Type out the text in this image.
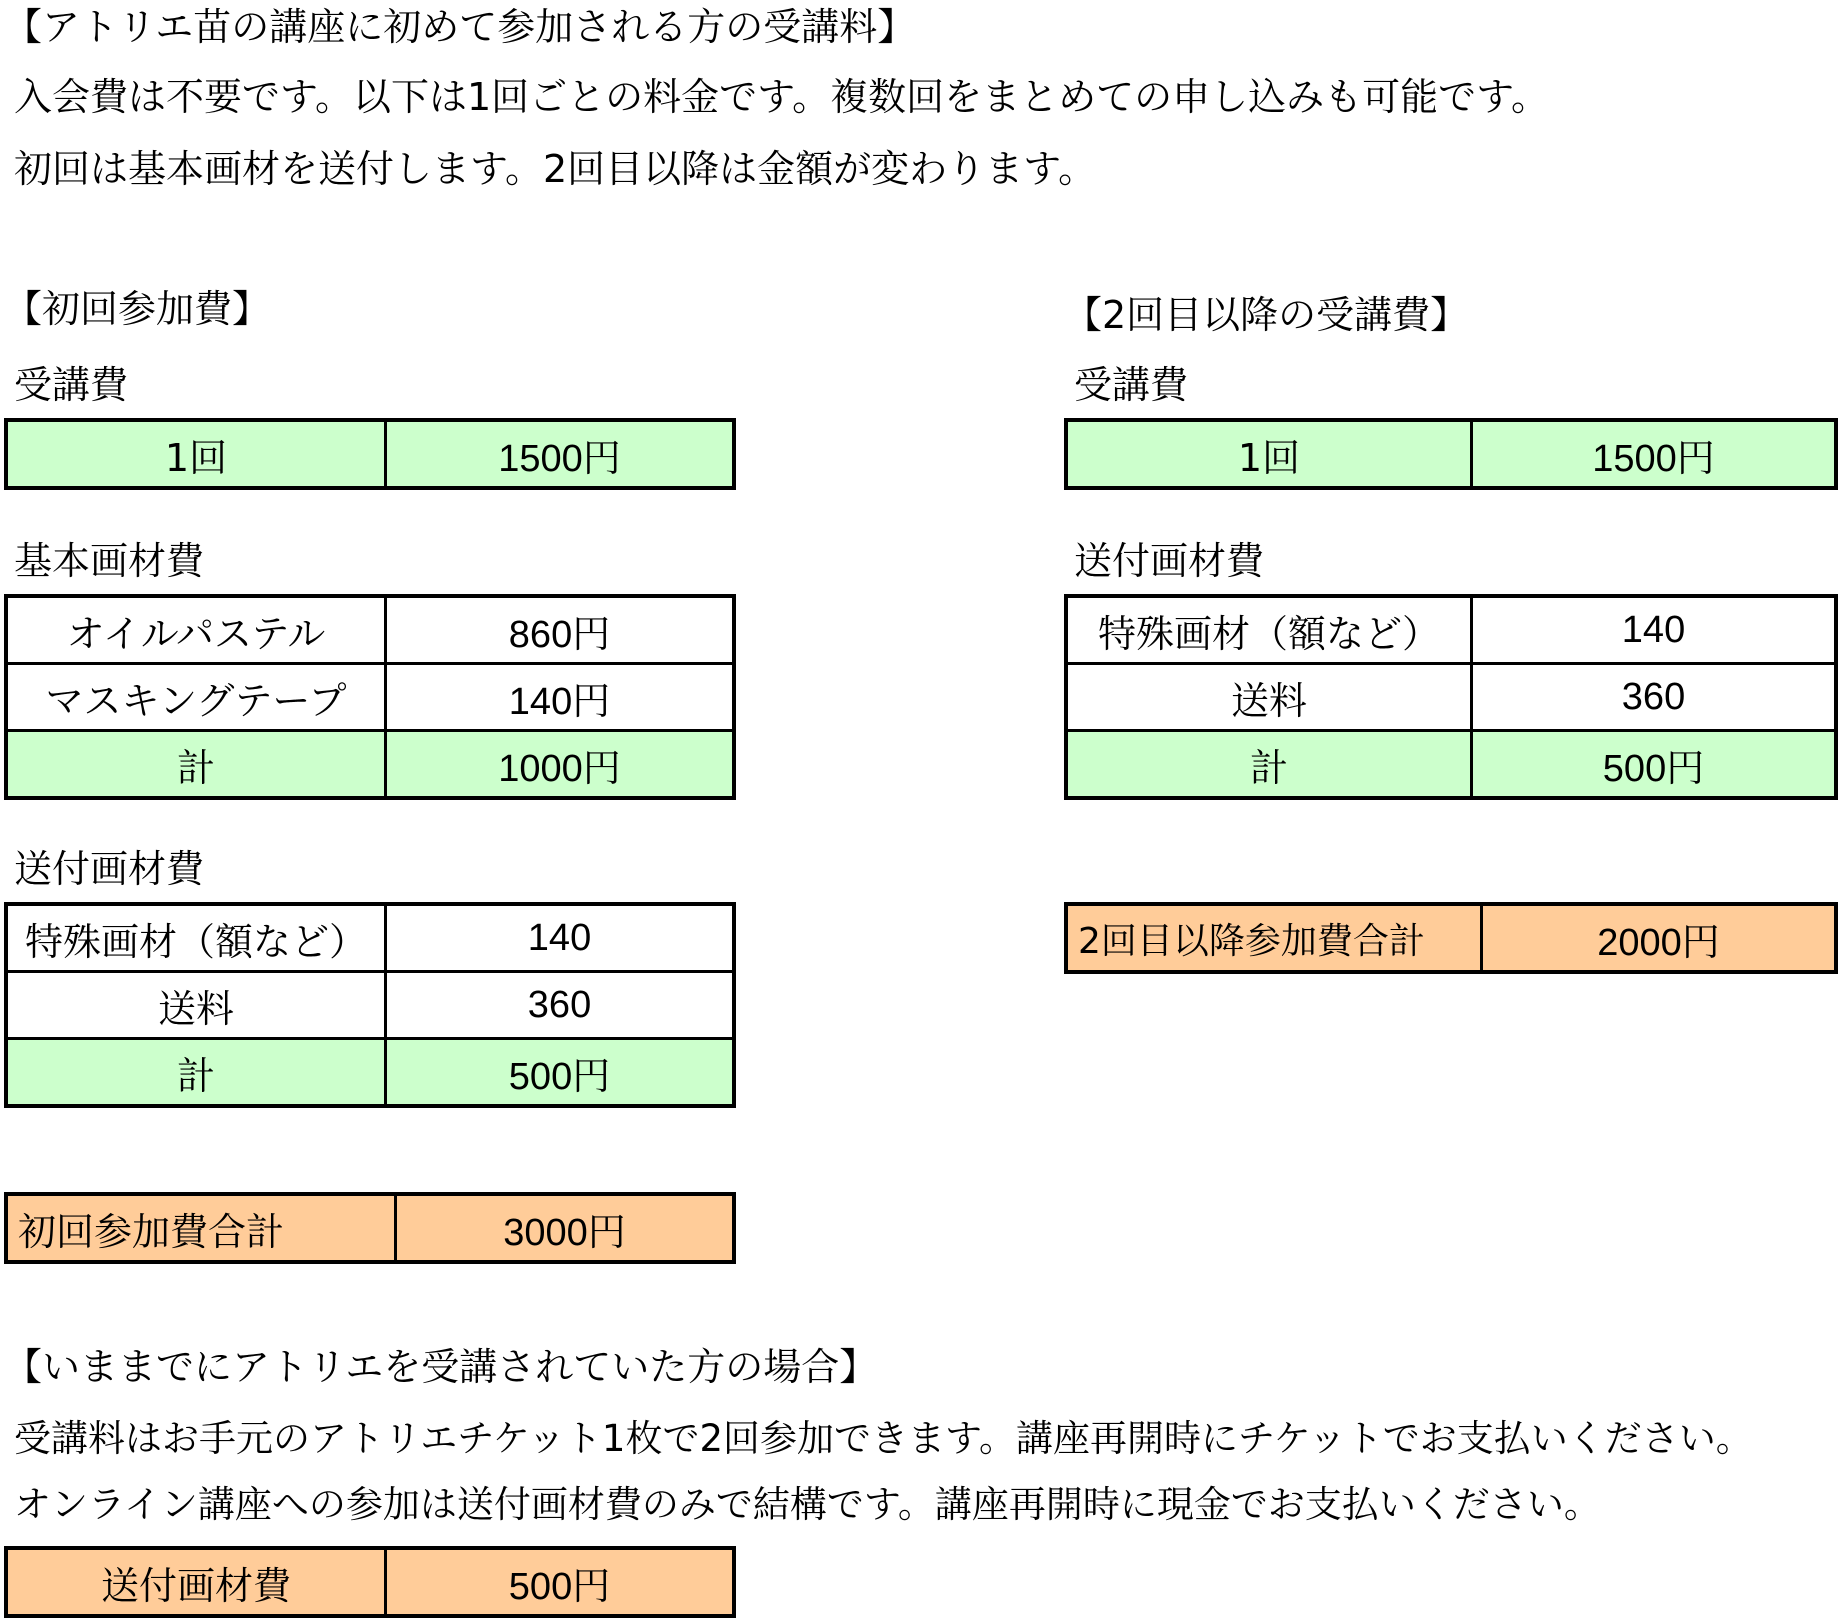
【アトリエ苗の講座に初めて参加される方の受講料】

入会費は不要です。以下は1回ごとの料金です。複数回をまとめての申し込みも可能です。

初回は基本画材を送付します。2回目以降は金額が変わります。

【初回参加費】
受講費
1回	1500円
基本画材費
オイルパステル	860円
マスキングテープ	140円
計	1000円
送付画材費
特殊画材（額など）	140
送料	360
計	500円
初回参加費合計	3000円
【2回目以降の受講費】
受講費
1回	1500円
送付画材費
特殊画材（額など）	140
送料	360
計	500円
2回目以降参加費合計	2000円
【いままでにアトリエを受講されていた方の場合】

受講料はお手元のアトリエチケット1枚で2回参加できます。講座再開時にチケットでお支払いください。

オンライン講座への参加は送付画材費のみで結構です。講座再開時に現金でお支払いください。

送付画材費	500円
